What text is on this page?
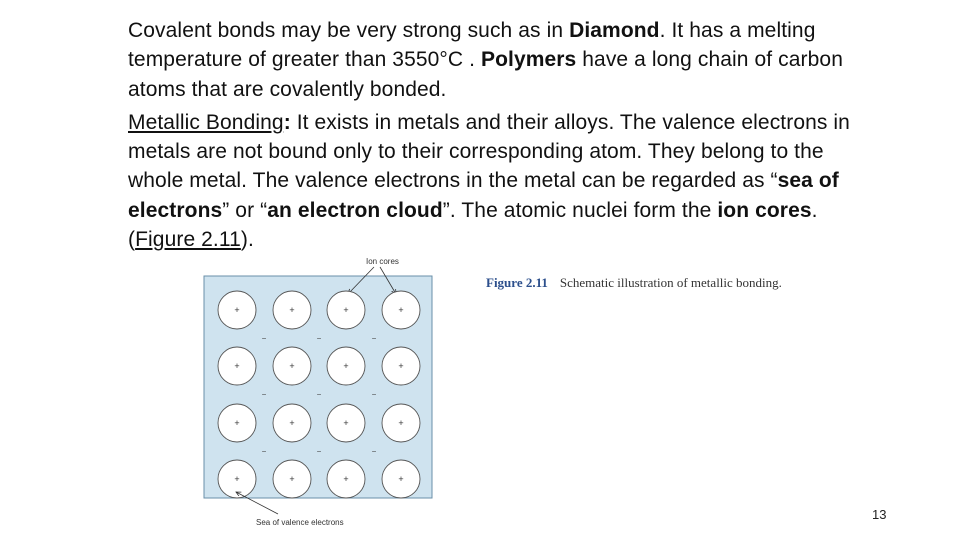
Covalent bonds may be very strong such as in Diamond. It has a melting temperature of greater than 3550°C . Polymers have a long chain of carbon atoms that are covalently bonded.

Metallic Bonding: It exists in metals and their alloys. The valence electrons in metals are not bound only to their corresponding atom. They belong to the whole metal. The valence electrons in the metal can be regarded as “sea of electrons” or “an electron cloud”. The atomic nuclei form the ion cores. (Figure 2.11).

Ion cores
+	+	+	+
+	+	+	+
+	+	+	+
+	+	+	+
−	−	−
−	−	−
−	−	−
Sea of valence electrons
Figure 2.11 Schematic illustration of metallic bonding.
13
